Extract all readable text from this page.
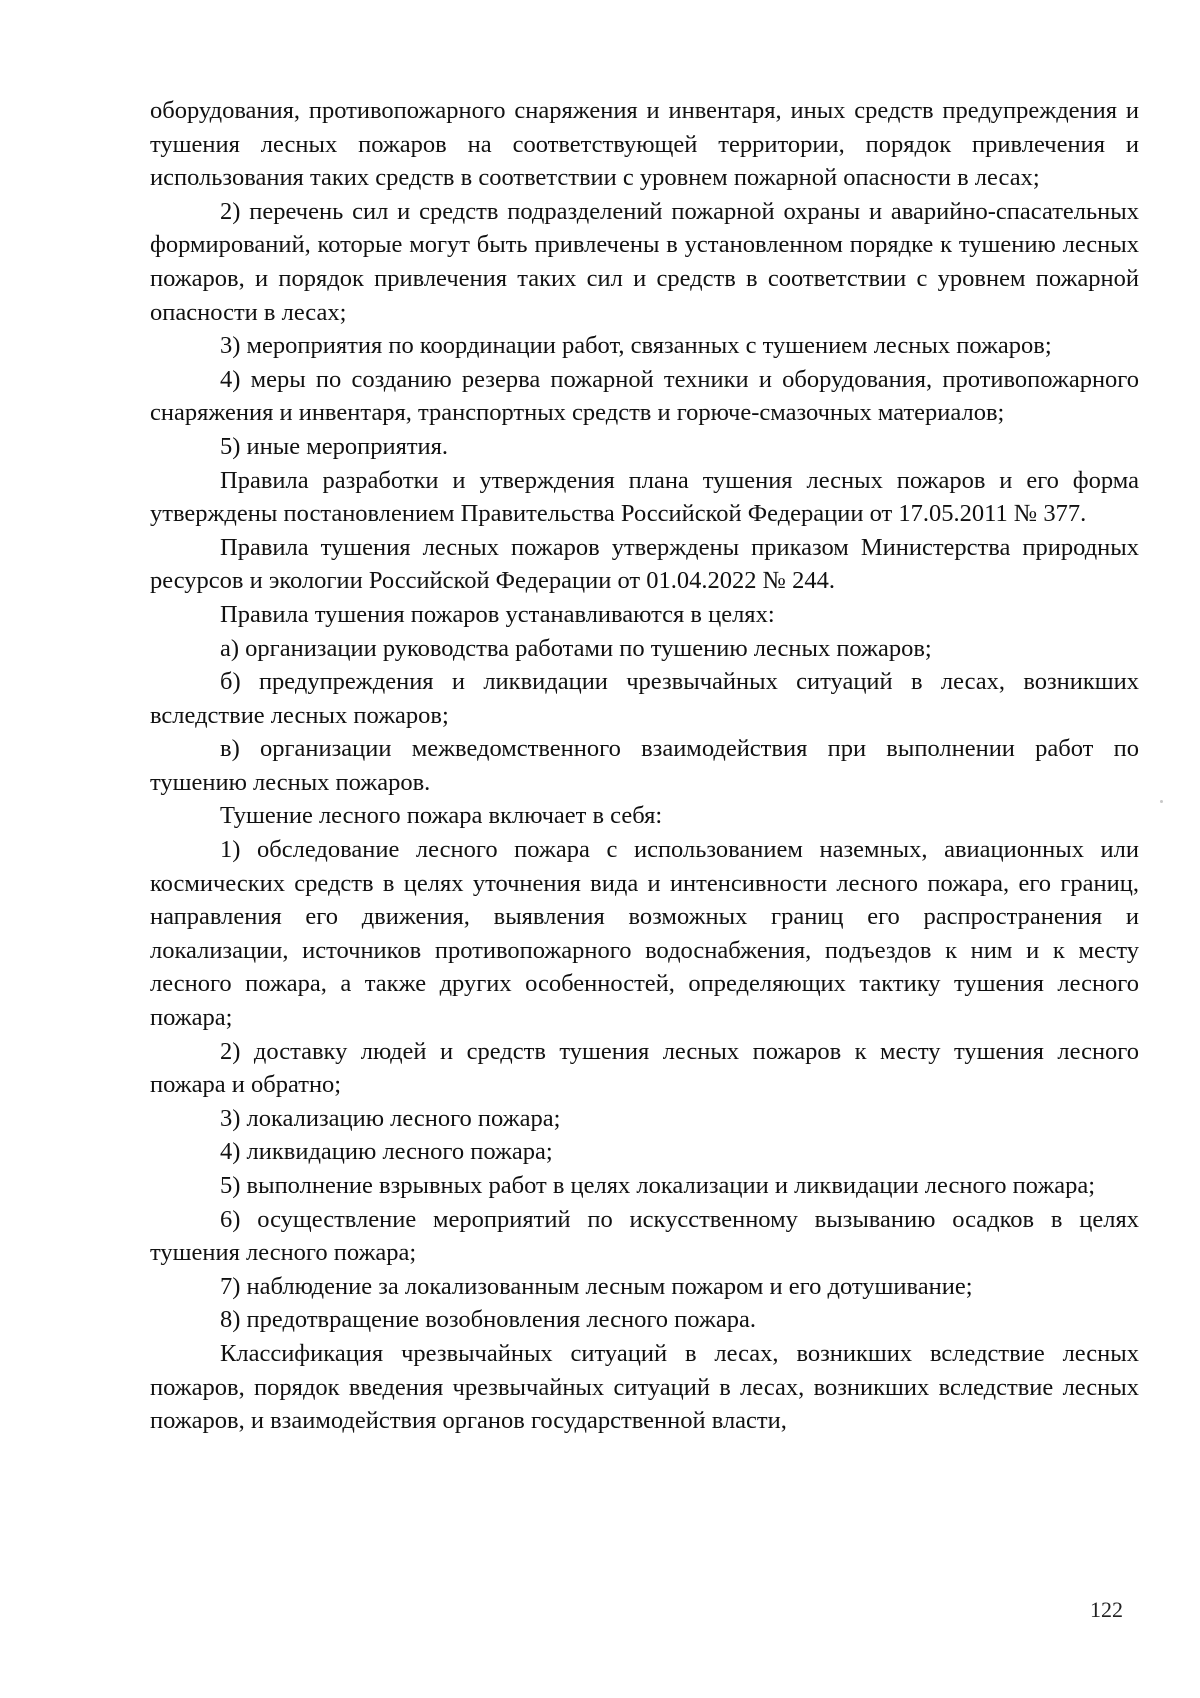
оборудования, противопожарного снаряжения и инвентаря, иных средств предупреждения и тушения лесных пожаров на соответствующей территории, порядок привлечения и использования таких средств в соответствии с уровнем пожарной опасности в лесах;

2) перечень сил и средств подразделений пожарной охраны и аварийно-спасательных формирований, которые могут быть привлечены в установленном порядке к тушению лесных пожаров, и порядок привлечения таких сил и средств в соответствии с уровнем пожарной опасности в лесах;

3) мероприятия по координации работ, связанных с тушением лесных пожаров;

4) меры по созданию резерва пожарной техники и оборудования, противопожарного снаряжения и инвентаря, транспортных средств и горюче-смазочных материалов;

5) иные мероприятия.

Правила разработки и утверждения плана тушения лесных пожаров и его форма утверждены постановлением Правительства Российской Федерации от 17.05.2011 № 377.

Правила тушения лесных пожаров утверждены приказом Министерства природных ресурсов и экологии Российской Федерации от 01.04.2022 № 244.

Правила тушения пожаров устанавливаются в целях:

а) организации руководства работами по тушению лесных пожаров;

б) предупреждения и ликвидации чрезвычайных ситуаций в лесах, возникших вследствие лесных пожаров;

в) организации межведомственного взаимодействия при выполнении работ по тушению лесных пожаров.

Тушение лесного пожара включает в себя:

1) обследование лесного пожара с использованием наземных, авиационных или космических средств в целях уточнения вида и интенсивности лесного пожара, его границ, направления его движения, выявления возможных границ его распространения и локализации, источников противопожарного водоснабжения, подъездов к ним и к месту лесного пожара, а также других особенностей, определяющих тактику тушения лесного пожара;

2) доставку людей и средств тушения лесных пожаров к месту тушения лесного пожара и обратно;

3) локализацию лесного пожара;

4) ликвидацию лесного пожара;

5) выполнение взрывных работ в целях локализации и ликвидации лесного пожара;

6) осуществление мероприятий по искусственному вызыванию осадков в целях тушения лесного пожара;

7) наблюдение за локализованным лесным пожаром и его дотушивание;

8) предотвращение возобновления лесного пожара.

Классификация чрезвычайных ситуаций в лесах, возникших вследствие лесных пожаров, порядок введения чрезвычайных ситуаций в лесах, возникших вследствие лесных пожаров, и взаимодействия органов государственной власти,

122
